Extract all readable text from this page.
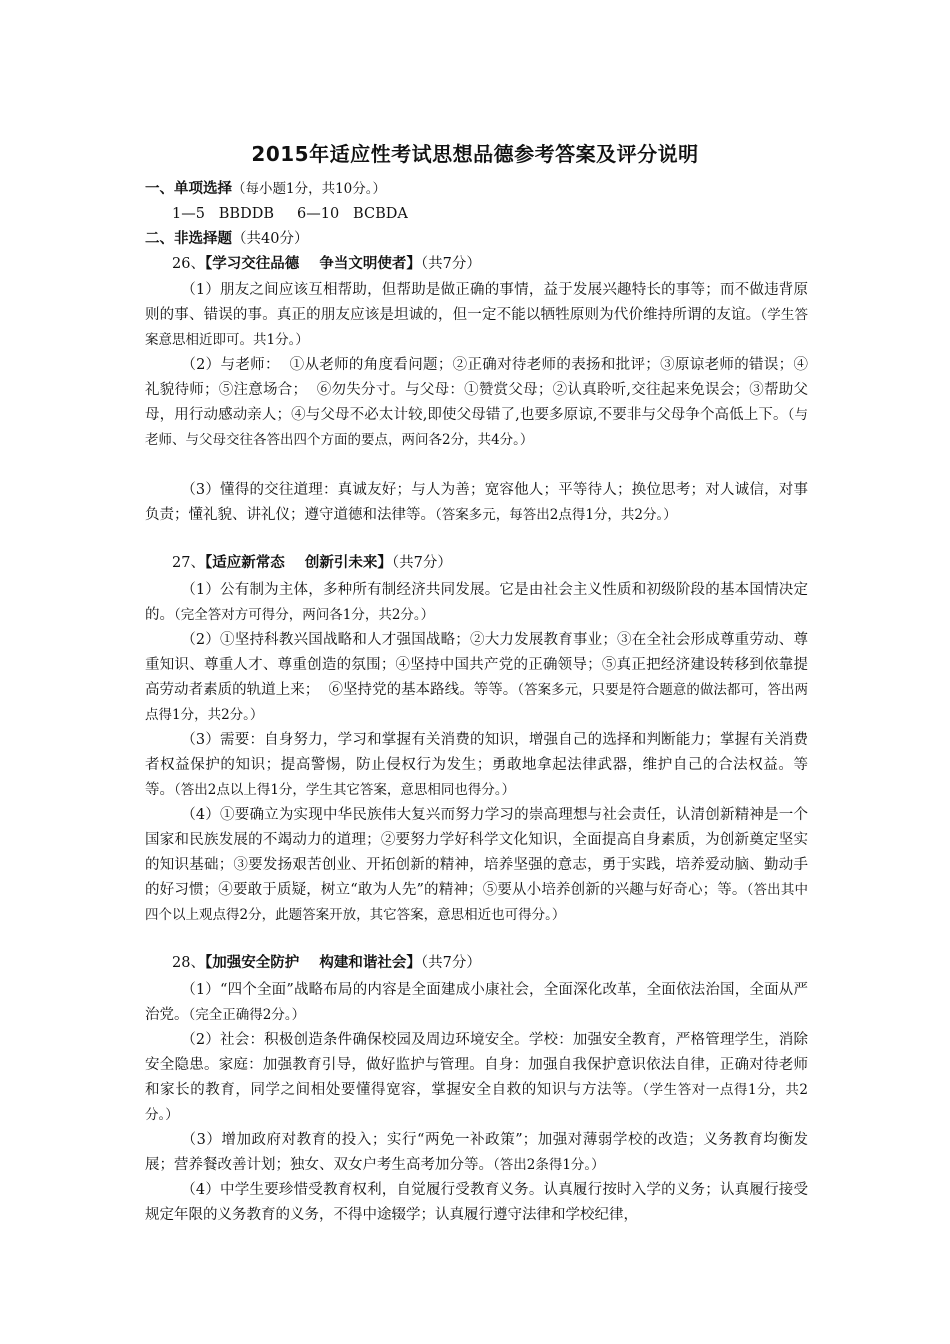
2015年适应性考试思想品德参考答案及评分说明
一、单项选择（每小题1分，共10分。）
1—5   BBDDB     6—10   BCBDA
二、非选择题（共40分）
26、【学习交往品德    争当文明使者】（共7分）
（1）朋友之间应该互相帮助，但帮助是做正确的事情，益于发展兴趣特长的事等；而不做违背原则的事、错误的事。真正的朋友应该是坦诚的，但一定不能以牺牲原则为代价维持所谓的友谊。（学生答案意思相近即可。共1分。）
（2）与老师：  ①从老师的角度看问题；②正确对待老师的表扬和批评；③原谅老师的错误；④礼貌待师；⑤注意场合；  ⑥勿失分寸。与父母：①赞赏父母；②认真聆听,交往起来免误会；③帮助父母，用行动感动亲人；④与父母不必太计较,即使父母错了,也要多原谅,不要非与父母争个高低上下。（与老师、与父母交往各答出四个方面的要点，两问各2分，共4分。）
（3）懂得的交往道理：真诚友好；与人为善；宽容他人；平等待人；换位思考；对人诚信，对事负责；懂礼貌、讲礼仪；遵守道德和法律等。（答案多元，每答出2点得1分，共2分。）
27、【适应新常态    创新引未来】（共7分）
（1）公有制为主体，多种所有制经济共同发展。它是由社会主义性质和初级阶段的基本国情决定的。（完全答对方可得分，两问各1分，共2分。）
（2）①坚持科教兴国战略和人才强国战略；②大力发展教育事业；③在全社会形成尊重劳动、尊重知识、尊重人才、尊重创造的氛围；④坚持中国共产党的正确领导；⑤真正把经济建设转移到依靠提高劳动者素质的轨道上来；  ⑥坚持党的基本路线。等等。（答案多元，只要是符合题意的做法都可，答出两点得1分，共2分。）
（3）需要：自身努力，学习和掌握有关消费的知识，增强自己的选择和判断能力；掌握有关消费者权益保护的知识；提高警惕，防止侵权行为发生；勇敢地拿起法律武器，维护自己的合法权益。等等。（答出2点以上得1分，学生其它答案，意思相同也得分。）
（4）①要确立为实现中华民族伟大复兴而努力学习的崇高理想与社会责任，认清创新精神是一个国家和民族发展的不竭动力的道理；②要努力学好科学文化知识，全面提高自身素质，为创新奠定坚实的知识基础；③要发扬艰苦创业、开拓创新的精神，培养坚强的意志，勇于实践，培养爱动脑、勤动手的好习惯；④要敢于质疑，树立“敢为人先”的精神；⑤要从小培养创新的兴趣与好奇心；等。（答出其中四个以上观点得2分，此题答案开放，其它答案，意思相近也可得分。）
28、【加强安全防护    构建和谐社会】（共7分）
（1）“四个全面”战略布局的内容是全面建成小康社会，全面深化改革，全面依法治国，全面从严治党。（完全正确得2分。）
（2）社会：积极创造条件确保校园及周边环境安全。学校：加强安全教育，严格管理学生，消除安全隐患。家庭：加强教育引导，做好监护与管理。自身：加强自我保护意识依法自律，正确对待老师和家长的教育，同学之间相处要懂得宽容，掌握安全自救的知识与方法等。（学生答对一点得1分，共2分。）
（3）增加政府对教育的投入；实行“两免一补政策”；加强对薄弱学校的改造；义务教育均衡发展；营养餐改善计划；独女、双女户考生高考加分等。（答出2条得1分。）
（4）中学生要珍惜受教育权利，自觉履行受教育义务。认真履行按时入学的义务；认真履行接受规定年限的义务教育的义务，不得中途辍学；认真履行遵守法律和学校纪律，
